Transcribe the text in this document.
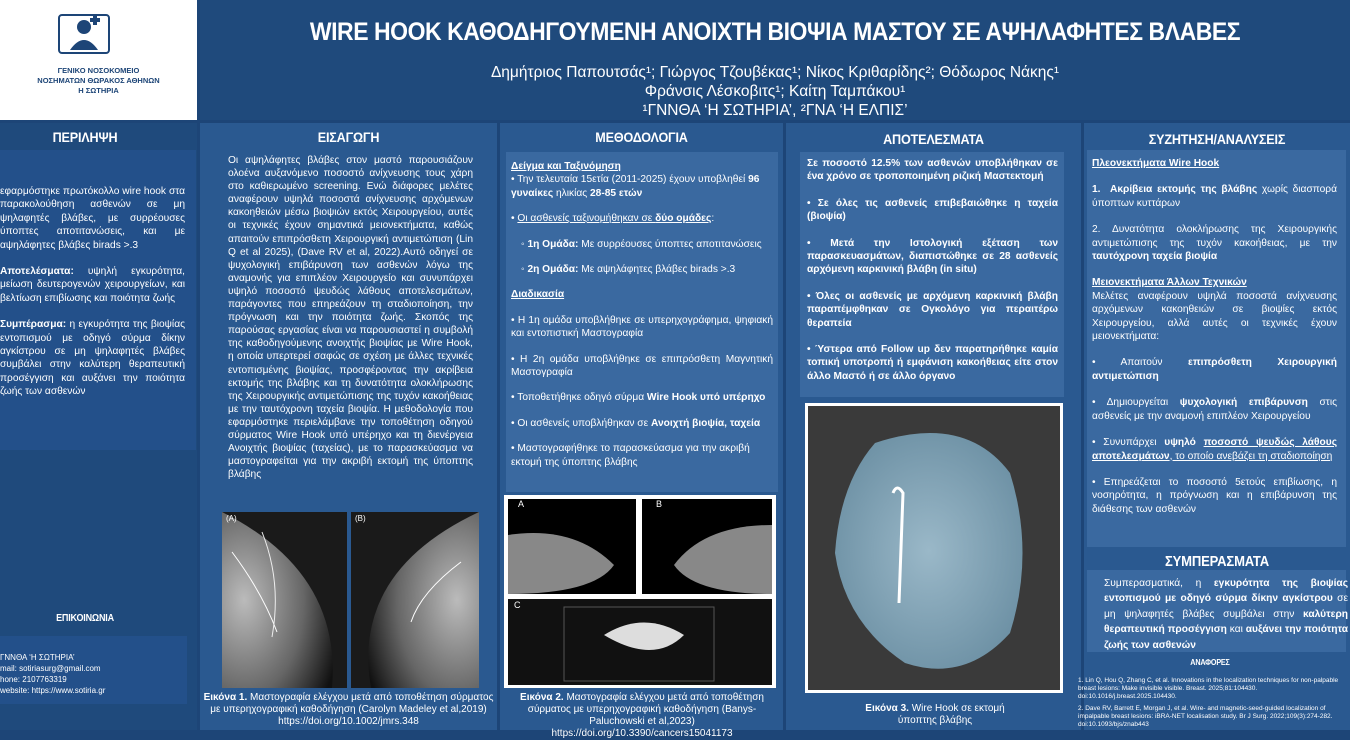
ΓΕΝΙΚΟ ΝΟΣΟΚΟΜΕΙΟ
ΝΟΣΗΜΑΤΩΝ ΘΩΡΑΚΟΣ ΑΘΗΝΩΝ
Η ΣΩΤΗΡΙΑ
WIRE HOOK ΚΑΘΟΔΗΓΟΥΜΕΝΗ ΑΝΟΙΧΤΗ ΒΙΟΨΙΑ ΜΑΣΤΟΥ ΣΕ ΑΨΗΛΑΦΗΤΕΣ ΒΛΑΒΕΣ
Δημήτριος Παπουτσάς¹; Γιώργος Τζουβέκας¹; Νίκος Κριθαρίδης²; Θόδωρος Νάκης¹
Φράνσις Λέσκοβιτς¹; Καίτη Ταμπάκου¹
¹ΓΝΝΘΑ ‘Η ΣΩΤΗΡΙΑ’, ²ΓΝΑ ‘Η ΕΛΠΙΣ’
ΠΕΡΙΛΗΨΗ
εφαρμόστηκε πρωτόκολλο wire hook στα παρακολούθηση ασθενών σε μη ψηλαφητές βλάβες, με συρρέουσες ύποπτες αποτιτανώσεις, και με αψηλάφητες βλάβες birads >.3
Αποτελέσματα: υψηλή εγκυρότητα, μείωση δευτερογενών χειρουργείων, και βελτίωση επιβίωσης και ποιότητα ζωής
Συμπέρασμα: η εγκυρότητα της βιοψίας εντοπισμού με οδηγό σύρμα δίκην αγκίστρου σε μη ψηλαφητές βλάβες συμβάλει στην καλύτερη θεραπευτική προσέγγιση και αυξάνει την ποιότητα ζωής των ασθενών
ΕΠΙΚΟΙΝΩΝΙΑ
ΓΝΝΘΑ ‘Η ΣΩΤΗΡΙΑ’
mail: sotiriasurg@gmail.com
hone: 2107763319
website: https://www.sotiria.gr
ΕΙΣΑΓΩΓΗ
Οι αψηλάφητες βλάβες στον μαστό παρουσιάζουν ολοένα αυξανόμενο ποσοστό ανίχνευσης τους χάρη στο καθιερωμένο screening. Ενώ διάφορες μελέτες αναφέρουν υψηλά ποσοστά ανίχνευσης αρχόμενων κακοηθειών μέσω βιοψιών εκτός Χειρουργείου, αυτές οι τεχνικές έχουν σημαντικά μειονεκτήματα, καθώς απαιτούν επιπρόσθετη Χειρουργική αντιμετώπιση (Lin Q et al 2025), (Dave RV et al, 2022).Αυτό οδηγεί σε ψυχολογική επιβάρυνση των ασθενών λόγω της αναμονής για επιπλέον Χειρουργείο και συνυπάρχει υψηλό ποσοστό ψευδώς λάθους αποτελεσμάτων, παράγοντες που επηρεάζουν τη σταδιοποίηση, την πρόγνωση και την ποιότητα ζωής. Σκοπός της παρούσας εργασίας είναι να παρουσιαστεί η συμβολή της καθοδηγούμενης ανοιχτής βιοψίας με Wire Hook, η οποία υπερτερεί σαφώς σε σχέση με άλλες τεχνικές εντοπισμένης βιοψίας, προσφέροντας την ακρίβεια εκτομής της βλάβης και τη δυνατότητα ολοκλήρωσης της Χειρουργικής αντιμετώπισης της τυχόν κακοήθειας με την ταυτόχρονη ταχεία βιοψία. Η μεθοδολογία που εφαρμόστηκε περιελάμβανε την τοποθέτηση οδηγού σύρματος Wire Hook υπό υπέρηχο και τη διενέργεια Ανοιχτής βιοψίας (ταχείας), με το παρασκεύασμα να μαστογραφείται για την ακριβή εκτομή της ύποπτης βλάβης
(A)	(B)
Εικόνα 1. Μαστογραφία ελέγχου μετά από τοποθέτηση σύρματος με υπερηχογραφική καθοδήγηση (Carolyn Madeley et al,2019) https://doi.org/10.1002/jmrs.348
ΜΕΘΟΔΟΛΟΓΙΑ
Δείγμα και Ταξινόμηση
• Την τελευταία 15ετία (2011-2025) έχουν υποβληθεί 96 γυναίκες ηλικίας 28-85 ετών
• Οι ασθενείς ταξινομήθηκαν σε δύο ομάδες:
◦ 1η Ομάδα: Με συρρέουσες ύποπτες αποτιτανώσεις
◦ 2η Ομάδα: Με αψηλάφητες βλάβες birads >.3
Διαδικασία
• Η 1η ομάδα υποβλήθηκε σε υπερηχογράφημα, ψηφιακή και εντοπιστική Μαστογραφία
• Η 2η ομάδα υποβλήθηκε σε επιπρόσθετη Μαγνητική Μαστογραφία
• Τοποθετήθηκε οδηγό σύρμα Wire Hook υπό υπέρηχο
• Οι ασθενείς υποβλήθηκαν σε Ανοιχτή βιοψία, ταχεία
• Μαστογραφήθηκε το παρασκεύασμα για την ακριβή εκτομή της ύποπτης βλάβης
A	B
C
Εικόνα 2. Μαστογραφία ελέγχου μετά από τοποθέτηση σύρματος με υπερηχογραφική καθοδήγηση (Banys-Paluchowski et al,2023) https://doi.org/10.3390/cancers15041173
ΑΠΟΤΕΛΕΣΜΑΤΑ
Σε ποσοστό 12.5% των ασθενών υποβλήθηκαν σε ένα χρόνο σε τροποποιημένη ριζική Μαστεκτομή
• Σε όλες τις ασθενείς επιβεβαιώθηκε η ταχεία (βιοψία)
• Μετά την Ιστολογική εξέταση των παρασκευασμάτων, διαπιστώθηκε σε 28 ασθενείς αρχόμενη καρκινική βλάβη (in situ)
• Όλες οι ασθενείς με αρχόμενη καρκινική βλάβη παραπέμφθηκαν σε Ογκολόγο για περαιτέρω θεραπεία
• Ύστερα από Follow up δεν παρατηρήθηκε καμία τοπική υποτροπή ή εμφάνιση κακοήθειας είτε στον άλλο Μαστό ή σε άλλο όργανο
Εικόνα 3. Wire Hook σε εκτομή ύποπτης βλάβης
ΣΥΖΗΤΗΣΗ/ΑΝΑΛΥΣΕΙΣ
Πλεονεκτήματα Wire Hook
1. Ακρίβεια εκτομής της βλάβης χωρίς διασπορά ύποπτων κυττάρων
2. Δυνατότητα ολοκλήρωσης της Χειρουργικής αντιμετώπισης της τυχόν κακοήθειας, με την ταυτόχρονη ταχεία βιοψία
Μειονεκτήματα Άλλων Τεχνικών
Μελέτες αναφέρουν υψηλά ποσοστά ανίχνευσης αρχόμενων κακοηθειών σε βιοψίες εκτός Χειρουργείου, αλλά αυτές οι τεχνικές έχουν μειονεκτήματα:
• Απαιτούν επιπρόσθετη Χειρουργική αντιμετώπιση
• Δημιουργείται ψυχολογική επιβάρυνση στις ασθενείς με την αναμονή επιπλέον Χειρουργείου
• Συνυπάρχει υψηλό ποσοστό ψευδώς λάθους αποτελεσμάτων, το οποίο ανεβάζει τη σταδιοποίηση
• Επηρεάζεται το ποσοστό 5ετούς επιβίωσης, η νοσηρότητα, η πρόγνωση και η επιβάρυνση της διάθεσης των ασθενών
ΣΥΜΠΕΡΑΣΜΑΤΑ
Συμπερασματικά, η εγκυρότητα της βιοψίας εντοπισμού με οδηγό σύρμα δίκην αγκίστρου σε μη ψηλαφητές βλάβες συμβάλει στην καλύτερη θεραπευτική προσέγγιση και αυξάνει την ποιότητα ζωής των ασθενών
ΑΝΑΦΟΡΕΣ

1. Lin Q, Hou Q, Zhang C, et al. Innovations in the localization techniques for non-palpable breast lesions: Make invisible visible. Breast. 2025;81:104430. doi:10.1016/j.breast.2025.104430.

2. Dave RV, Barrett E, Morgan J, et al. Wire- and magnetic-seed-guided localization of impalpable breast lesions: iBRA-NET localisation study. Br J Surg. 2022;109(3):274-282. doi:10.1093/bjs/znab443
